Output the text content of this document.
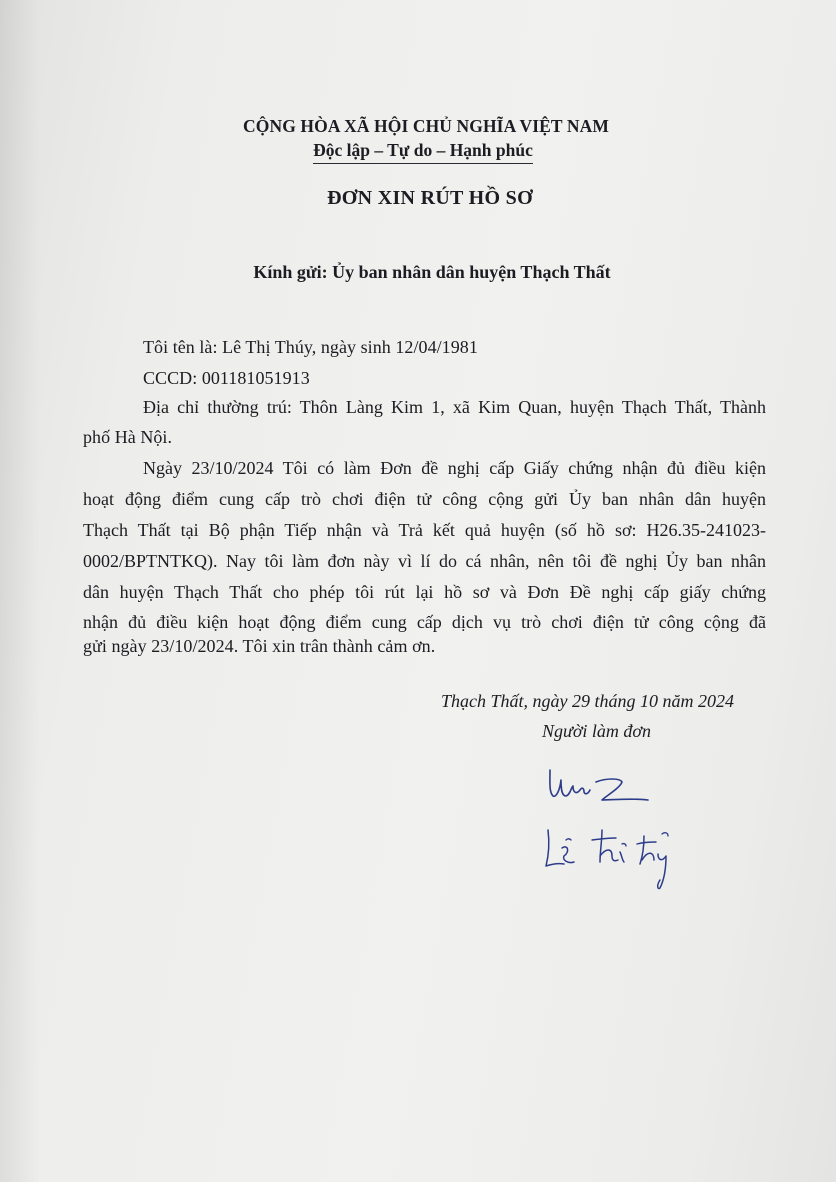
CỘNG HÒA XÃ HỘI CHỦ NGHĨA VIỆT NAM
Độc lập – Tự do – Hạnh phúc
ĐƠN XIN RÚT HỒ SƠ
Kính gửi: Ủy ban nhân dân huyện Thạch Thất
Tôi tên là: Lê Thị Thúy, ngày sinh 12/04/1981
CCCD: 001181051913
Địa chỉ thường trú: Thôn Làng Kim 1, xã Kim Quan, huyện Thạch Thất, Thành
phố Hà Nội.
Ngày 23/10/2024 Tôi có làm Đơn đề nghị cấp Giấy chứng nhận đủ điều kiện
hoạt động điểm cung cấp trò chơi điện tử công cộng gửi Ủy ban nhân dân huyện
Thạch Thất tại Bộ phận Tiếp nhận và Trả kết quả huyện (số hồ sơ: H26.35-241023-
0002/BPTNTKQ). Nay tôi làm đơn này vì lí do cá nhân, nên tôi đề nghị Ủy ban nhân
dân huyện Thạch Thất cho phép tôi rút lại hồ sơ và Đơn Đề nghị cấp giấy chứng
nhận đủ điều kiện hoạt động điểm cung cấp dịch vụ trò chơi điện tử công cộng đã
gửi ngày 23/10/2024. Tôi xin trân thành cảm ơn.
Thạch Thất, ngày 29 tháng 10 năm 2024
Người làm đơn
